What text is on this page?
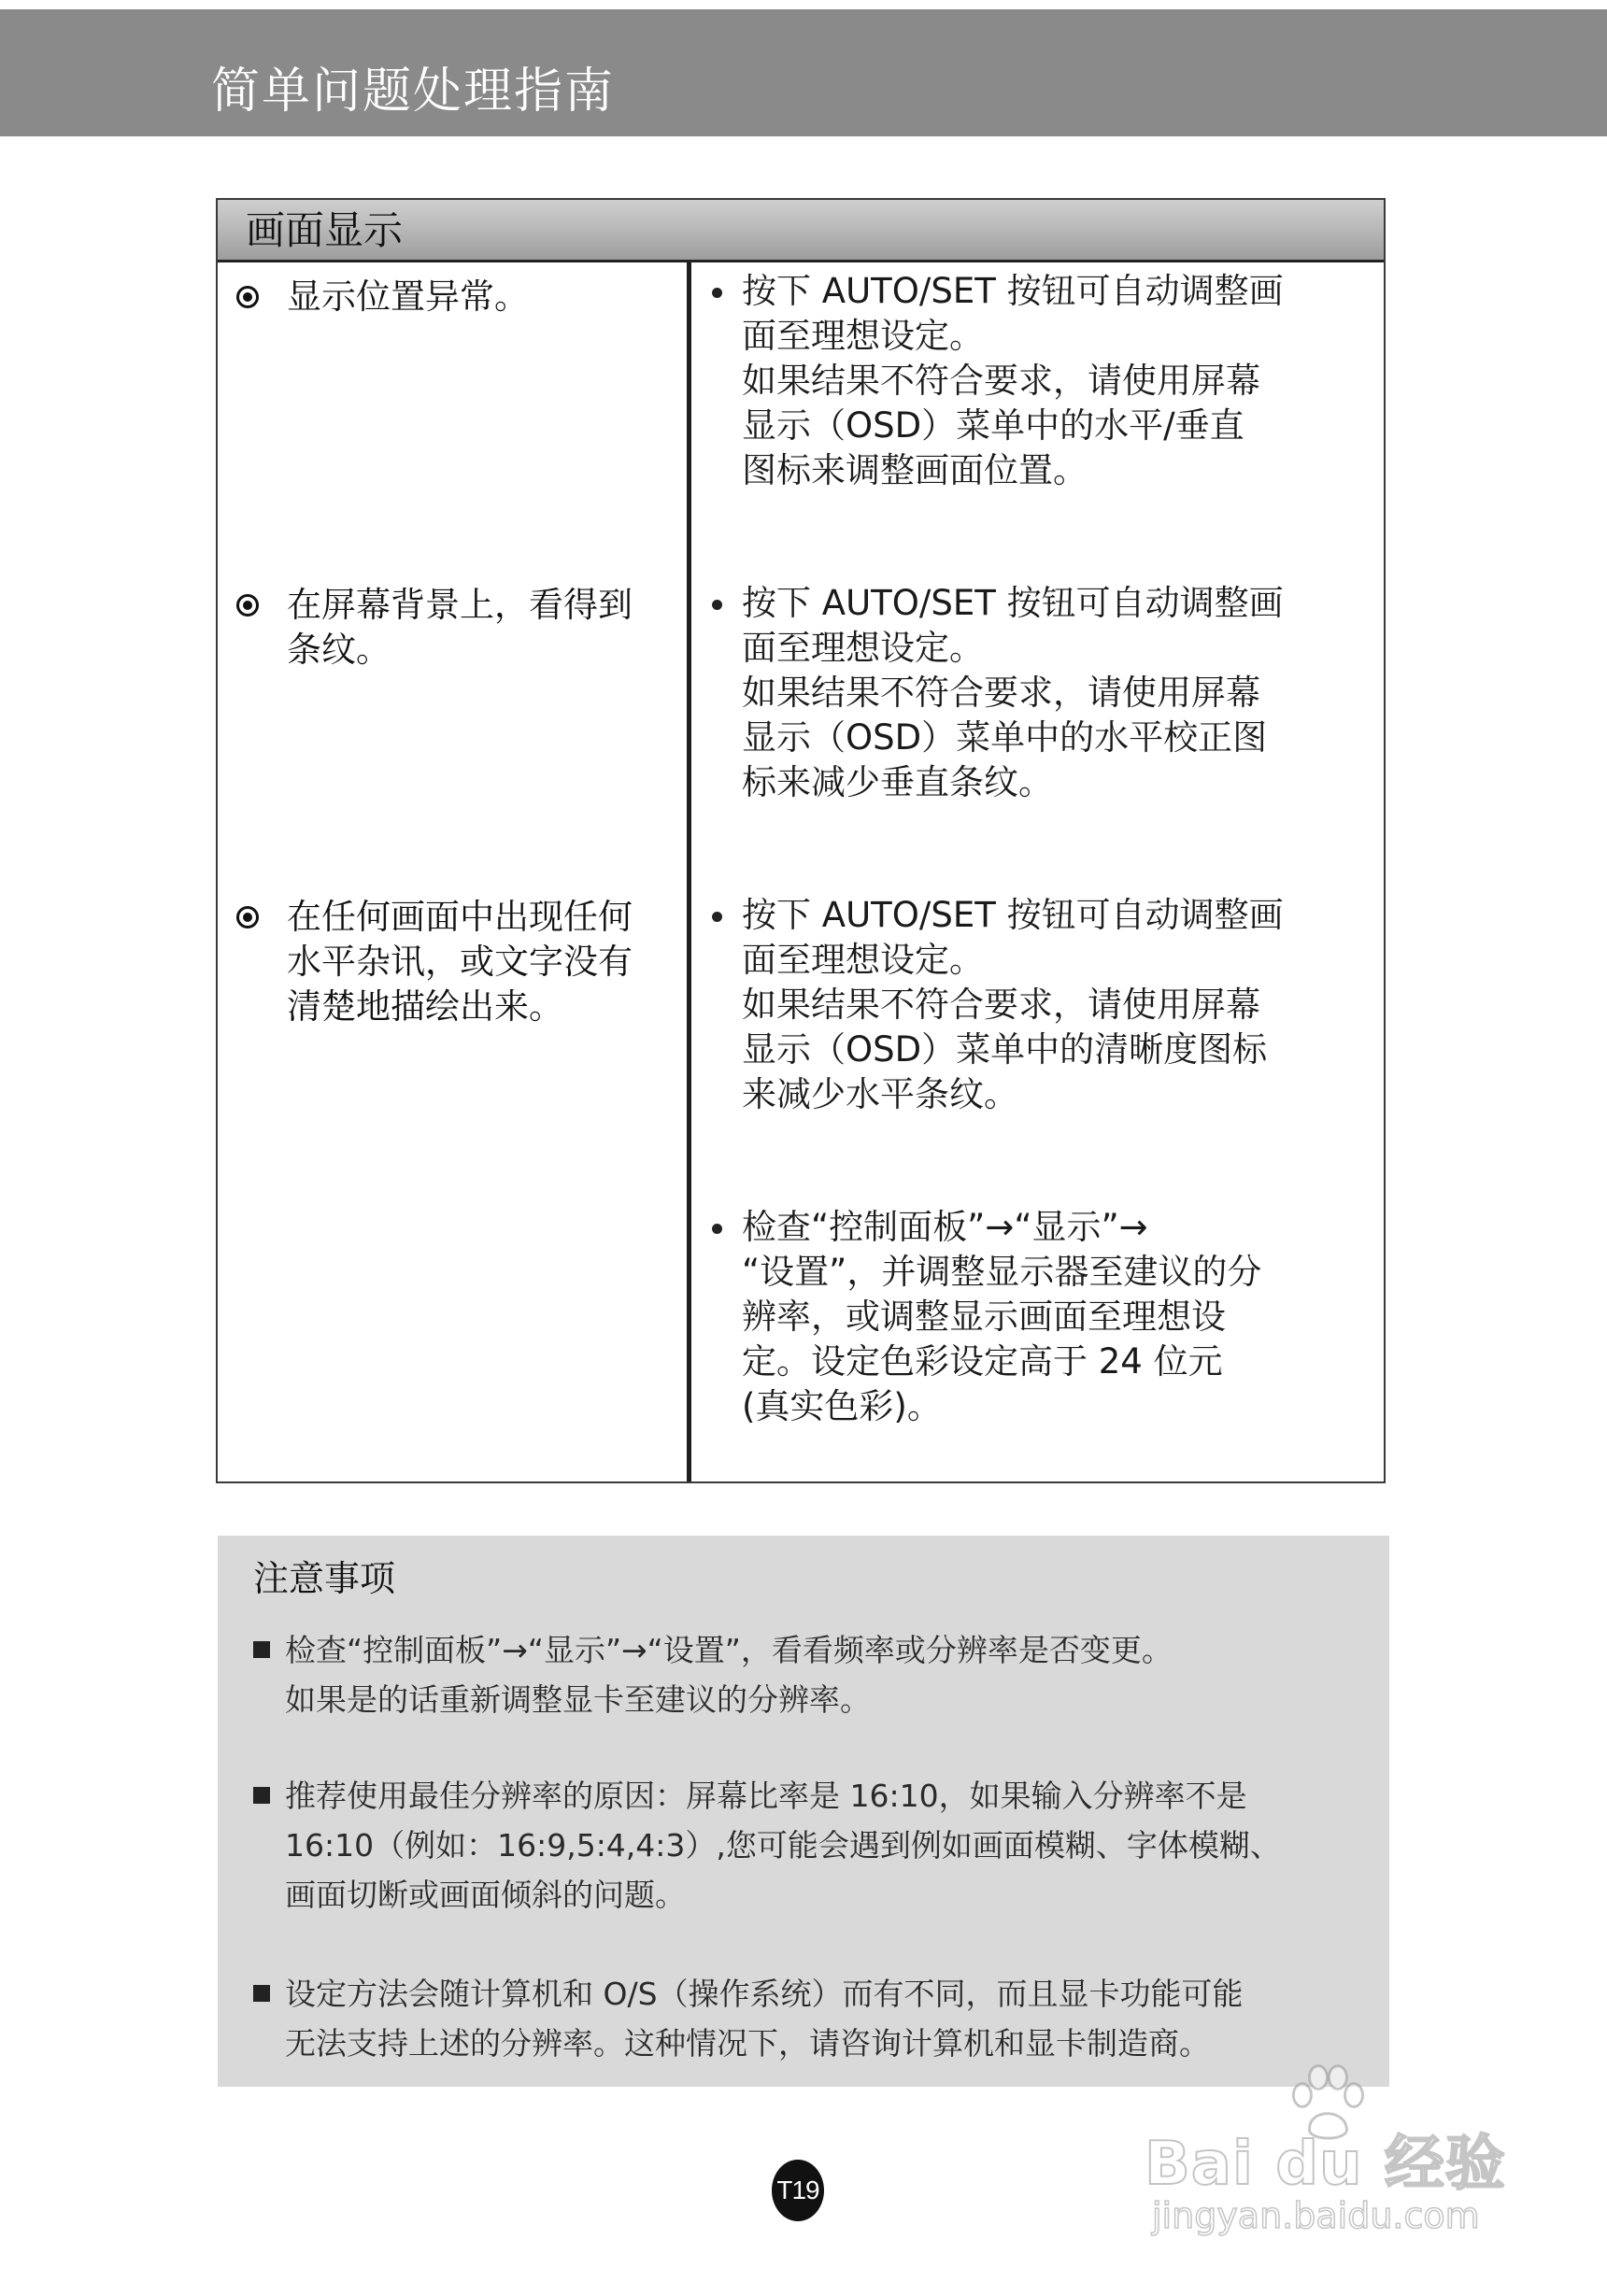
简单问题处理指南
画面显示
显示位置异常。	按下 AUTO/SET 按钮可自动调整画
面至理想设定。
如果结果不符合要求，请使用屏幕
显示（OSD）菜单中的水平/垂直
图标来调整画面位置。
在屏幕背景上，看得到条纹。
按下 AUTO/SET 按钮可自动调整画
面至理想设定。
如果结果不符合要求，请使用屏幕
显示（OSD）菜单中的水平校正图
标来减少垂直条纹。
在任何画面中出现任何水平杂讯，或文字没有清楚地描绘出来。
按下 AUTO/SET 按钮可自动调整画
面至理想设定。
如果结果不符合要求，请使用屏幕
显示（OSD）菜单中的清晰度图标
来减少水平条纹。
检查“控制面板”→“显示”→
“设置”，并调整显示器至建议的分
辨率，或调整显示画面至理想设
定。设定色彩设定高于 24 位元
(真实色彩)。
注意事项
检查“控制面板”→“显示”→“设置”，看看频率或分辨率是否变更。
如果是的话重新调整显卡至建议的分辨率。
推荐使用最佳分辨率的原因：屏幕比率是 16:10，如果输入分辨率不是
16:10（例如：16:9,5:4,4:3）,您可能会遇到例如画面模糊、字体模糊、
画面切断或画面倾斜的问题。
设定方法会随计算机和 O/S（操作系统）而有不同，而且显卡功能可能
无法支持上述的分辨率。这种情况下，请咨询计算机和显卡制造商。
Bai du 经验
jingyan.baidu.com
T19
